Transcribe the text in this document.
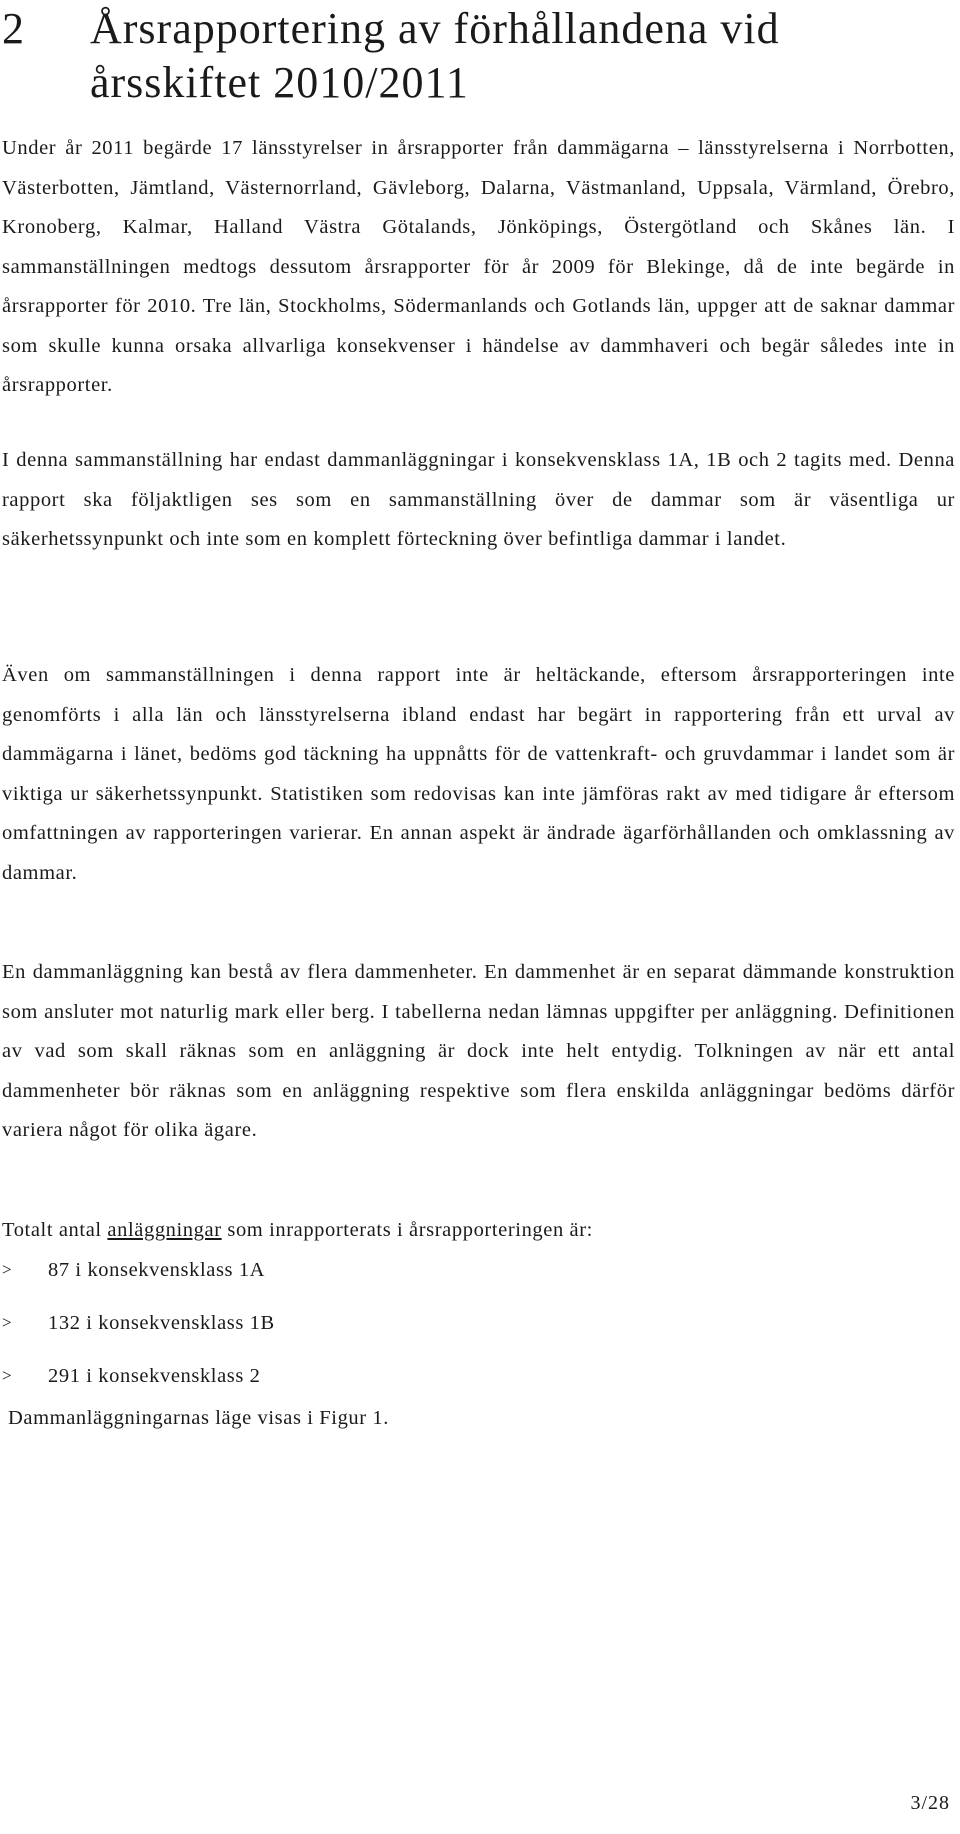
2	Årsrapportering av förhållandena vid årsskiftet 2010/2011

Under år 2011 begärde 17 länsstyrelser in årsrapporter från dammägarna – länsstyrelserna i Norrbotten, Västerbotten, Jämtland, Västernorrland, Gävleborg, Dalarna, Västmanland, Uppsala, Värmland, Örebro, Kronoberg, Kalmar, Halland Västra Götalands, Jönköpings, Östergötland och Skånes län. I sammanställningen medtogs dessutom årsrapporter för år 2009 för Blekinge, då de inte begärde in årsrapporter för 2010. Tre län, Stockholms, Södermanlands och Gotlands län, uppger att de saknar dammar som skulle kunna orsaka allvarliga konsekvenser i händelse av dammhaveri och begär således inte in årsrapporter.

I denna sammanställning har endast dammanläggningar i konsekvensklass 1A, 1B och 2 tagits med. Denna rapport ska följaktligen ses som en sammanställning över de dammar som är väsentliga ur säkerhetssynpunkt och inte som en komplett förteckning över befintliga dammar i landet.

Även om sammanställningen i denna rapport inte är heltäckande, eftersom årsrapporteringen inte genomförts i alla län och länsstyrelserna ibland endast har begärt in rapportering från ett urval av dammägarna i länet, bedöms god täckning ha uppnåtts för de vattenkraft- och gruvdammar i landet som är viktiga ur säkerhetssynpunkt. Statistiken som redovisas kan inte jämföras rakt av med tidigare år eftersom omfattningen av rapporteringen varierar. En annan aspekt är ändrade ägarförhållanden och omklassning av dammar.

En dammanläggning kan bestå av flera dammenheter. En dammenhet är en separat dämmande konstruktion som ansluter mot naturlig mark eller berg. I tabellerna nedan lämnas uppgifter per anläggning. Definitionen av vad som skall räknas som en anläggning är dock inte helt entydig. Tolkningen av när ett antal dammenheter bör räknas som en anläggning respektive som flera enskilda anläggningar bedöms därför variera något för olika ägare.

Totalt antal anläggningar som inrapporterats i årsrapporteringen är:

>	87 i konsekvensklass 1A
>	132 i konsekvensklass 1B
>	291 i konsekvensklass 2

Dammanläggningarnas läge visas i Figur 1.

3/28
